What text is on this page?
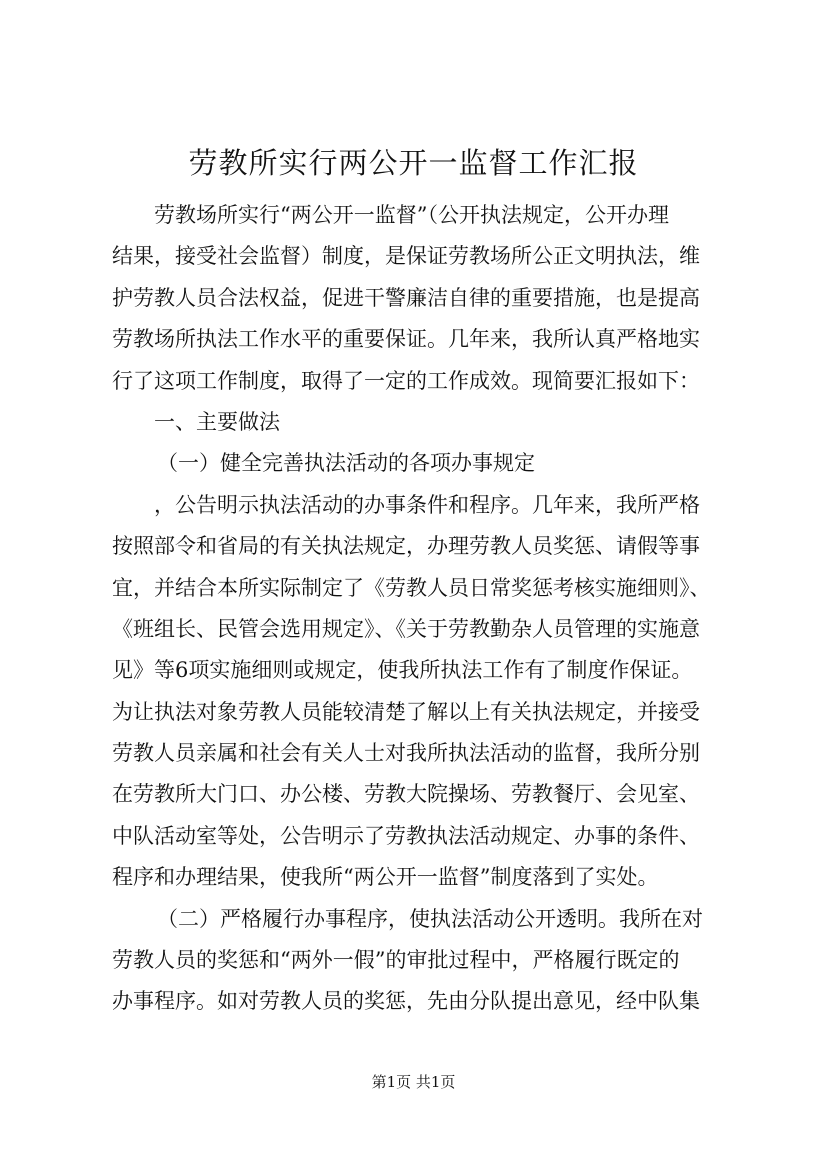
劳教所实行两公开一监督工作汇报
劳教场所实行“两公开一监督”（公开执法规定，公开办理
结果，接受社会监督）制度，是保证劳教场所公正文明执法，维
护劳教人员合法权益，促进干警廉洁自律的重要措施，也是提高
劳教场所执法工作水平的重要保证。几年来，我所认真严格地实
行了这项工作制度，取得了一定的工作成效。现简要汇报如下：
一、主要做法
（一）健全完善执法活动的各项办事规定
，公告明示执法活动的办事条件和程序。几年来，我所严格
按照部令和省局的有关执法规定，办理劳教人员奖惩、请假等事
宜，并结合本所实际制定了《劳教人员日常奖惩考核实施细则》、
《班组长、民管会选用规定》、《关于劳教勤杂人员管理的实施意
见》等6项实施细则或规定，使我所执法工作有了制度作保证。
为让执法对象劳教人员能较清楚了解以上有关执法规定，并接受
劳教人员亲属和社会有关人士对我所执法活动的监督，我所分别
在劳教所大门口、办公楼、劳教大院操场、劳教餐厅、会见室、
中队活动室等处，公告明示了劳教执法活动规定、办事的条件、
程序和办理结果，使我所“两公开一监督”制度落到了实处。
（二）严格履行办事程序，使执法活动公开透明。我所在对
劳教人员的奖惩和“两外一假”的审批过程中，严格履行既定的
办事程序。如对劳教人员的奖惩，先由分队提出意见，经中队集
第1页 共1页
